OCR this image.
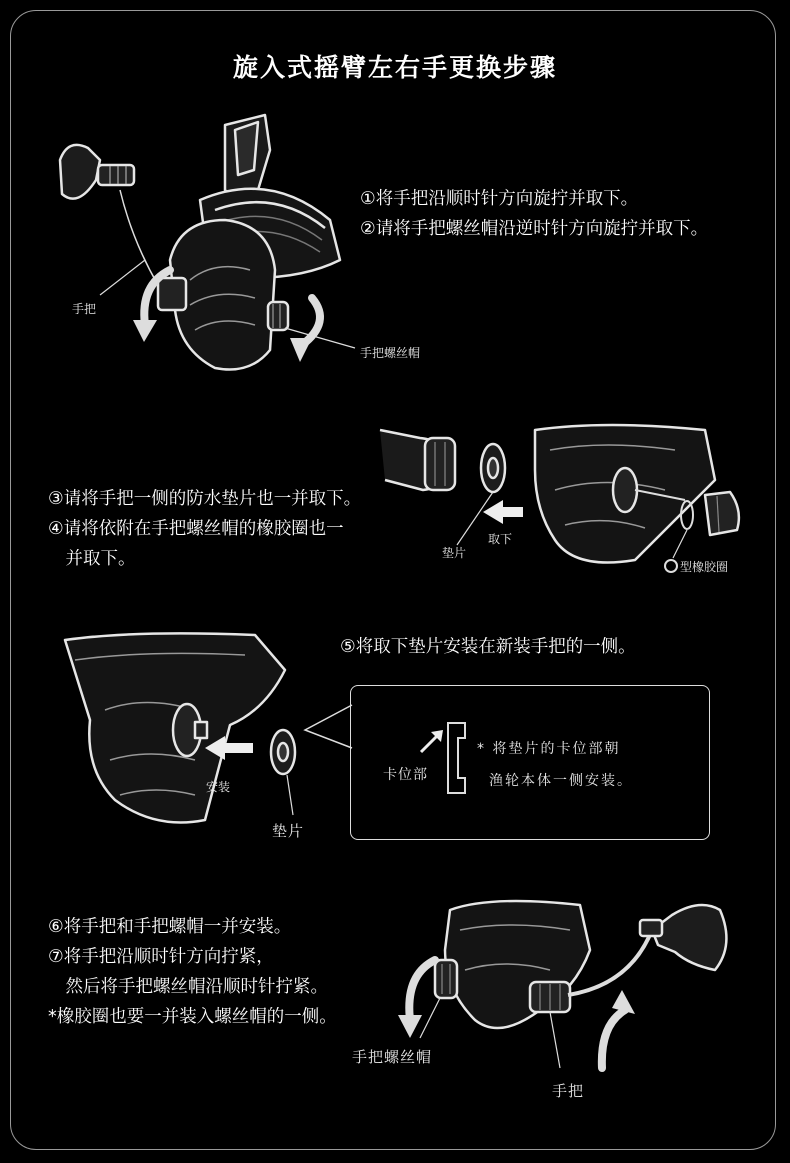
旋入式摇臂左右手更换步骤
手把
手把螺丝帽
①将手把沿顺时针方向旋拧并取下。
②请将手把螺丝帽沿逆时针方向旋拧并取下。
③请将手把一侧的防水垫片也一并取下。
④请将依附在手把螺丝帽的橡胶圈也一
　并取下。	垫片
取下
型橡胶圈
⑤将取下垫片安装在新装手把的一侧。
安装
垫片
卡位部
* 将垫片的卡位部朝
渔轮本体一侧安装。
⑥将手把和手把螺帽一并安装。
⑦将手把沿顺时针方向拧紧，
　然后将手把螺丝帽沿顺时针拧紧。
*橡胶圈也要一并装入螺丝帽的一侧。
手把螺丝帽
手把
